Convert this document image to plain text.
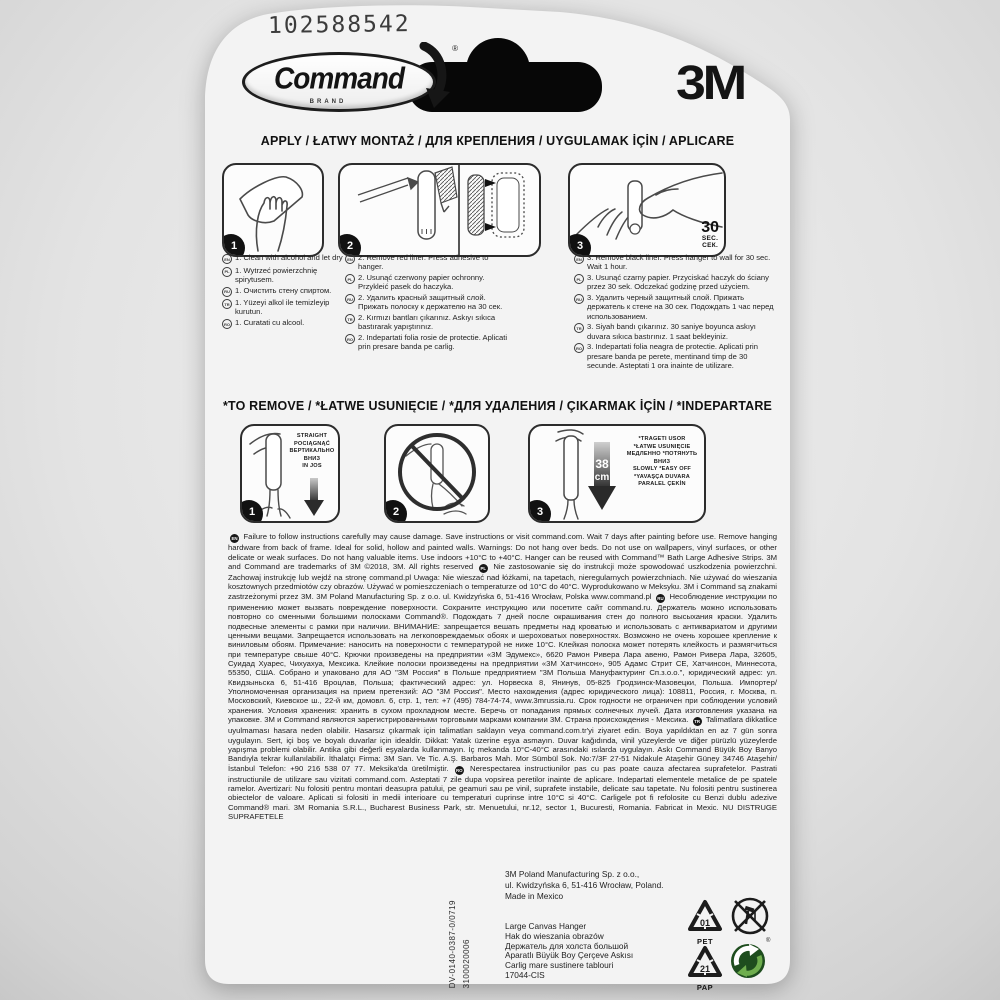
102588542
Command
BRAND
®
3M
APPLY / ŁATWY MONTAŻ / ДЛЯ КРЕПЛЕНИЯ / UYGULAMAK İÇİN / APLICARE
1	2
30
SEC.
СЕК.
3
EN 1. Clean with alcohol and let dry
PL 1. Wytrzeć powierzchnię spirytusem.
RU 1. Очистить стену спиртом.
TR 1. Yüzeyi alkol ile temizleyip kurutun.
RO 1. Curatati cu alcool.
EN 2. Remove red liner. Press adhesive to hanger.
PL 2. Usunąć czerwony papier ochronny. Przykleić pasek do haczyka.
RU 2. Удалить красный защитный слой. Прижать полоску к держателю на 30 сек.
TR 2. Kırmızı bantları çıkarınız. Askıyı sıkıca bastırarak yapıştırınız.
RO 2. Indepartati folia rosie de protectie. Aplicati prin presare banda pe carlig.
EN 3. Remove black liner. Press hanger to wall for 30 sec. Wait 1 hour.
PL 3. Usunąć czarny papier. Przyciskać haczyk do ściany przez 30 sek. Odczekać godzinę przed użyciem.
RU 3. Удалить черный защитный слой. Прижать держатель к стене на 30 сек. Подождать 1 час перед использованием.
TR 3. Siyah bandı çıkarınız. 30 saniye boyunca askıyı duvara sıkıca bastırınız. 1 saat bekleyiniz.
RO 3. Indepartati folia neagra de protectie. Aplicati prin presare banda pe perete, mentinand timp de 30 secunde. Asteptati 1 ora inainte de utilizare.
*TO REMOVE / *ŁATWE USUNIĘCIE / *ДЛЯ УДАЛЕНИЯ / ÇIKARMAK İÇİN / *INDEPARTARE
STRAIGHT
POCIĄGNĄĆ
ВЕРТИКАЛЬНО
ВНИЗ
IN JOS
1	2
38
cm
*TRAGETI USOR
*ŁATWE USUNIĘCIE
МЕДЛЕННО *ПОТЯНУТЬ ВНИЗ
SLOWLY *EASY OFF
*YAVAŞÇA DUVARA PARALEL ÇEKİN
3
EN Failure to follow instructions carefully may cause damage. Save instructions or visit command.com. Wait 7 days after painting before use. Remove hanging hardware from back of frame. Ideal for solid, hollow and painted walls. Warnings: Do not hang over beds. Do not use on wallpapers, vinyl surfaces, or other delicate or weak surfaces. Do not hang valuable items. Use indoors +10°C to +40°C. Hanger can be reused with Command™ Bath Large Adhesive Strips. 3M and Command are trademarks of 3M ©2018, 3M. All rights reserved PL Nie zastosowanie się do instrukcji może spowodować uszkodzenia powierzchni. Zachowaj instrukcję lub wejdź na stronę command.pl Uwaga: Nie wieszać nad łóżkami, na tapetach, nieregularnych powierzchniach. Nie używać do wieszania kosztownych przedmiotów czy obrazów. Używać w pomieszczeniach o temperaturze od 10°C do 40°C. Wyprodukowano w Meksyku. 3M i Command są znakami zastrzeżonymi przez 3M. 3M Poland Manufacturing Sp. z o.o. ul. Kwidzyńska 6, 51-416 Wrocław, Polska www.command.pl RU Несоблюдение инструкции по применению может вызвать повреждение поверхности. Сохраните инструкцию или посетите сайт command.ru. Держатель можно использовать повторно со сменными большими полосками Command®. Подождать 7 дней после окрашивания стен до полного высыхания краски. Удалить подвесные элементы с рамки при наличии. ВНИМАНИЕ: запрещается вешать предметы над кроватью и использовать с антиквариатом и другими ценными вещами. Запрещается использовать на легкоповреждаемых обоях и шероховатых поверхностях. Возможно не очень хорошее крепление к виниловым обоям. Примечание: наносить на поверхности с температурой не ниже 10°С. Клейкая полоска может потерять клейкость и размягчиться при температуре свыше 40°С. Крючки произведены на предприятии «3М Эдумекс», 6620 Рамон Ривера Лара авеню, Рамон Ривера Лара, 32605, Суидад Хуарес, Чихуахуа, Мексика. Клейкие полоски произведены на предприятии «3М Хатчинсон», 905 Адамс Стрит СЕ, Хатчинсон, Миннесота, 55350, США. Собрано и упаковано для АО "3М Россия" в Польше предприятием "3М Польша Мануфактуринг Сп.з.о.о.", юридический адрес: ул. Квидзыньска 6, 51-416 Вроцлав, Польша; фактический адрес: ул. Норвеска 8, Янинув, 05-825 Гродзинск-Мазовецки, Польша. Импортер/Уполномоченная организация на прием претензий: АО "3М Россия". Место нахождения (адрес юридического лица): 108811, Россия, г. Москва, п. Московский, Киевское ш., 22-й км, домовл. 6, стр. 1, тел: +7 (495) 784-74-74, www.3mrussia.ru. Срок годности не ограничен при соблюдении условий хранения. Условия хранения: хранить в сухом прохладном месте. Беречь от попадания прямых солнечных лучей. Дата изготовления указана на упаковке. 3М и Command являются зарегистрированными торговыми марками компании 3М. Страна происхождения - Мексика. TR Talimatlara dikkatlice uyulmaması hasara neden olabilir. Hasarsız çıkarmak için talimatları saklayın veya command.com.tr'yi ziyaret edin. Boya yapıldıktan en az 7 gün sonra uygulayın. Sert, içi boş ve boyalı duvarlar için idealdir. Dikkat: Yatak üzerine eşya asmayın. Duvar kağıdında, vinil yüzeylerde ve diğer pürüzlü yüzeylerde yapışma problemi olabilir. Antika gibi değerli eşyalarda kullanmayın. İç mekanda 10°C-40°C arasındaki ısılarda uygulayın. Askı Command Büyük Boy Banyo Bandıyla tekrar kullanılabilir. İthalatçı Firma: 3M San. Ve Tic. A.Ş. Barbaros Mah. Mor Sümbül Sok. No:7/3F 27-51 Nidakule Ataşehir Güney 34746 Ataşehir/İstanbul Telefon: +90 216 538 07 77. Meksika'da üretilmiştir. RO Nerespectarea instructiunilor pas cu pas poate cauza afectarea suprafetelor. Pastrati instructiunile de utilizare sau vizitati command.com. Asteptati 7 zile dupa vopsirea peretilor inainte de aplicare. Indepartati elementele metalice de pe spatele ramelor. Avertizari: Nu folositi pentru montari deasupra patului, pe geamuri sau pe vinil, suprafete instabile, delicate sau tapetate. Nu folositi pentru sustinerea obiectelor de valoare. Aplicati si folositi in medii interioare cu temperaturi cuprinse intre 10°C si 40°C. Carligele pot fi refolosite cu Benzi dublu adezive Command® mari. 3M Romania S.R.L., Bucharest Business Park, str. Menuetului, nr.12, sector 1, Bucuresti, Romania. Fabricat in Mexic. NU DISTRUGE SUPRAFETELE
3M Poland Manufacturing Sp. z o.o.,
ul. Kwidzyńska 6, 51-416 Wrocław, Poland.
Made in Mexico
DV-0140-0387-0/0719 3100020006
Large Canvas Hanger
Hak do wieszania obrazów
Держатель для холста большой
Aparatlı Büyük Boy Çerçeve Askısı
Carlig mare sustinere tablouri
17044-CIS
01
PET
21
PAP
®
